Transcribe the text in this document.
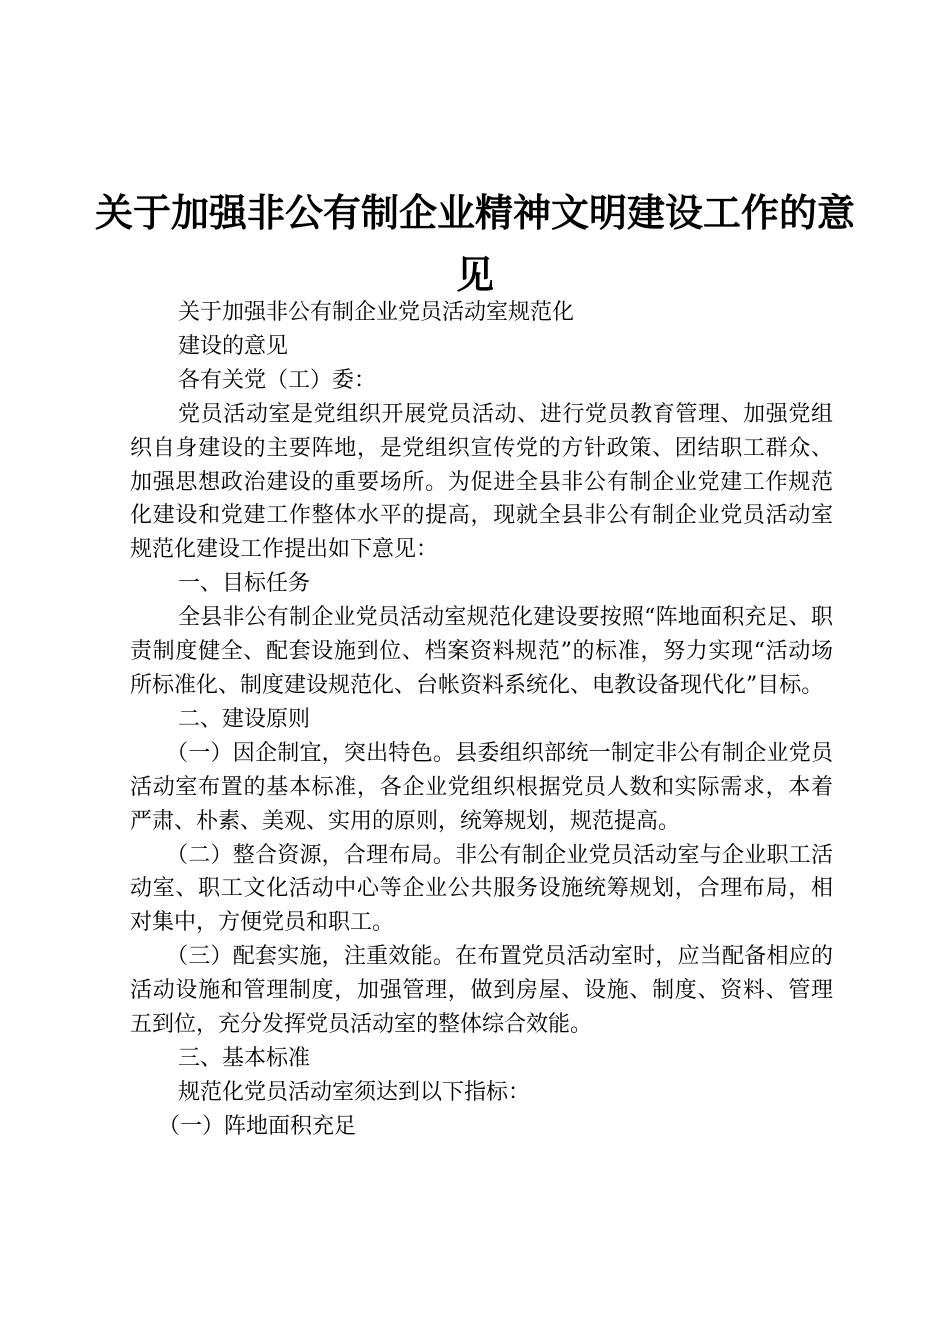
关于加强非公有制企业精神文明建设工作的意
见

关于加强非公有制企业党员活动室规范化

建设的意见

各有关党（工）委：

党员活动室是党组织开展党员活动、进行党员教育管理、加强党组织自身建设的主要阵地，是党组织宣传党的方针政策、团结职工群众、加强思想政治建设的重要场所。为促进全县非公有制企业党建工作规范化建设和党建工作整体水平的提高，现就全县非公有制企业党员活动室规范化建设工作提出如下意见：

一、目标任务

全县非公有制企业党员活动室规范化建设要按照“阵地面积充足、职责制度健全、配套设施到位、档案资料规范”的标准，努力实现“活动场所标准化、制度建设规范化、台帐资料系统化、电教设备现代化”目标。

二、建设原则

（一）因企制宜，突出特色。县委组织部统一制定非公有制企业党员活动室布置的基本标准，各企业党组织根据党员人数和实际需求，本着严肃、朴素、美观、实用的原则，统筹规划，规范提高。

（二）整合资源，合理布局。非公有制企业党员活动室与企业职工活动室、职工文化活动中心等企业公共服务设施统筹规划，合理布局，相对集中，方便党员和职工。

（三）配套实施，注重效能。在布置党员活动室时，应当配备相应的活动设施和管理制度，加强管理，做到房屋、设施、制度、资料、管理五到位，充分发挥党员活动室的整体综合效能。

三、基本标准

规范化党员活动室须达到以下指标：

（一）阵地面积充足
